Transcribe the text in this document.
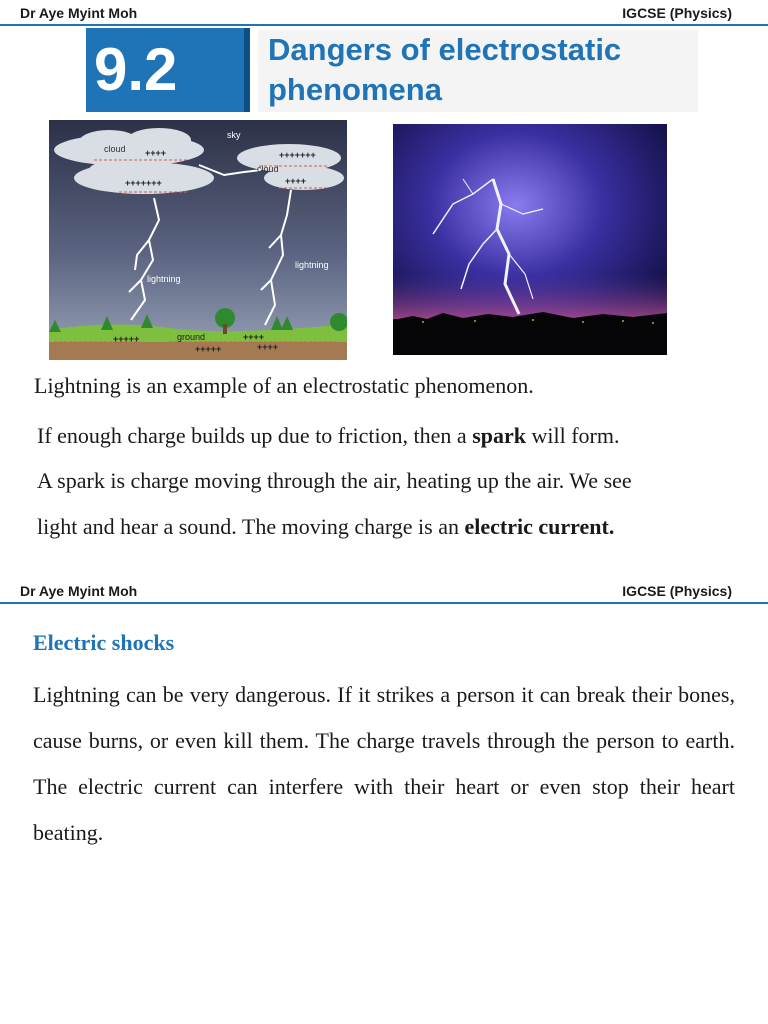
Dr Aye Myint Moh	IGCSE (Physics)
9.2	Dangers of electrostatic
phenomena
sky
cloud
cloud
lightning
lightning
ground
++++
+++++++
+++++++
++++
+++++
+++++
++++
++++
Lightning is an example of an electrostatic phenomenon.
If enough charge builds up due to friction, then a spark will form.
A spark is charge moving through the air, heating up the air. We see
light and hear a sound. The moving charge is an electric current.
Dr Aye Myint Moh	IGCSE (Physics)
Electric shocks
Lightning can be very dangerous. If it strikes a person it can break their bones, cause burns, or even kill them. The charge travels through the person to earth. The electric current can interfere with their heart or even stop their heart beating.
